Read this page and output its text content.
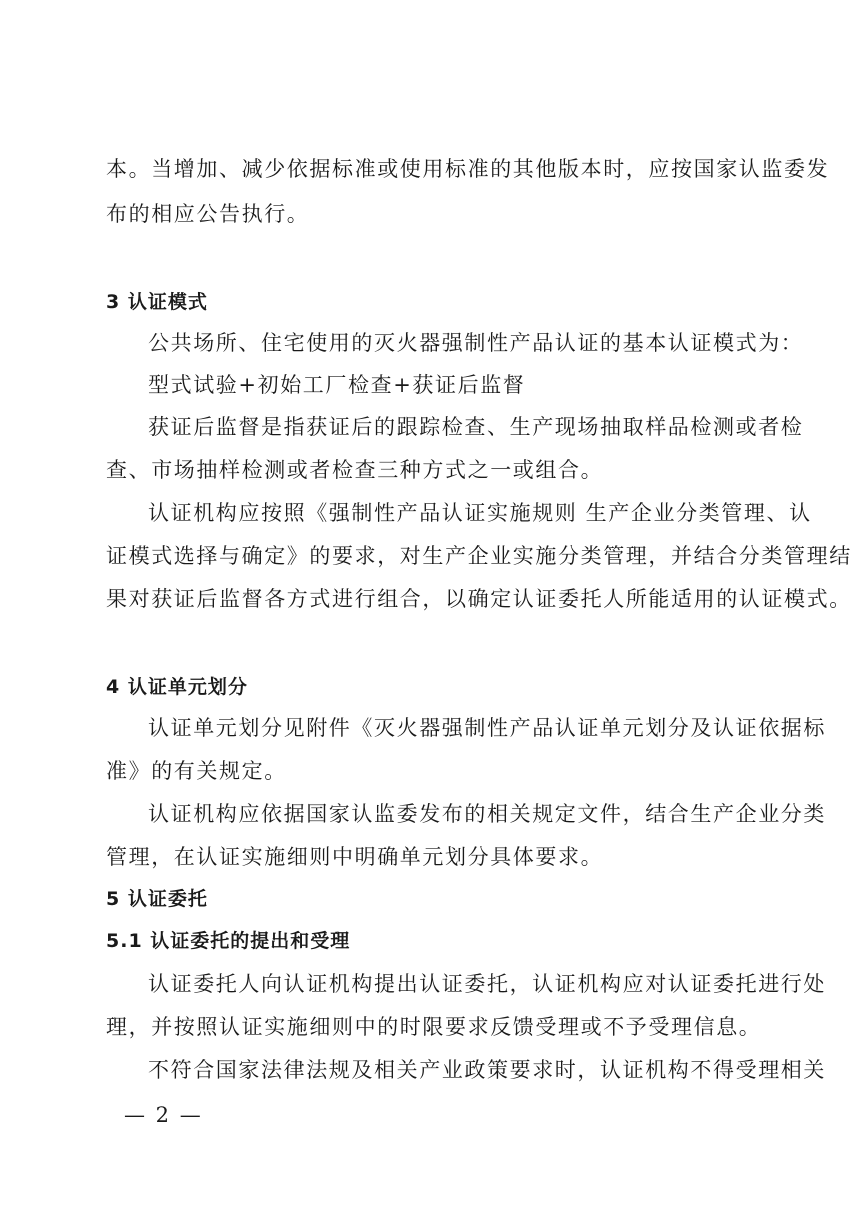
本。当增加、减少依据标准或使用标准的其他版本时，应按国家认监委发
布的相应公告执行。
3 认证模式
公共场所、住宅使用的灭火器强制性产品认证的基本认证模式为：
型式试验+初始工厂检查+获证后监督
获证后监督是指获证后的跟踪检查、生产现场抽取样品检测或者检
查、市场抽样检测或者检查三种方式之一或组合。
认证机构应按照《强制性产品认证实施规则 生产企业分类管理、认
证模式选择与确定》的要求，对生产企业实施分类管理，并结合分类管理结
果对获证后监督各方式进行组合，以确定认证委托人所能适用的认证模式。
4 认证单元划分
认证单元划分见附件《灭火器强制性产品认证单元划分及认证依据标
准》的有关规定。
认证机构应依据国家认监委发布的相关规定文件，结合生产企业分类
管理，在认证实施细则中明确单元划分具体要求。
5 认证委托
5.1 认证委托的提出和受理
认证委托人向认证机构提出认证委托，认证机构应对认证委托进行处
理，并按照认证实施细则中的时限要求反馈受理或不予受理信息。
不符合国家法律法规及相关产业政策要求时，认证机构不得受理相关
— 2 —
